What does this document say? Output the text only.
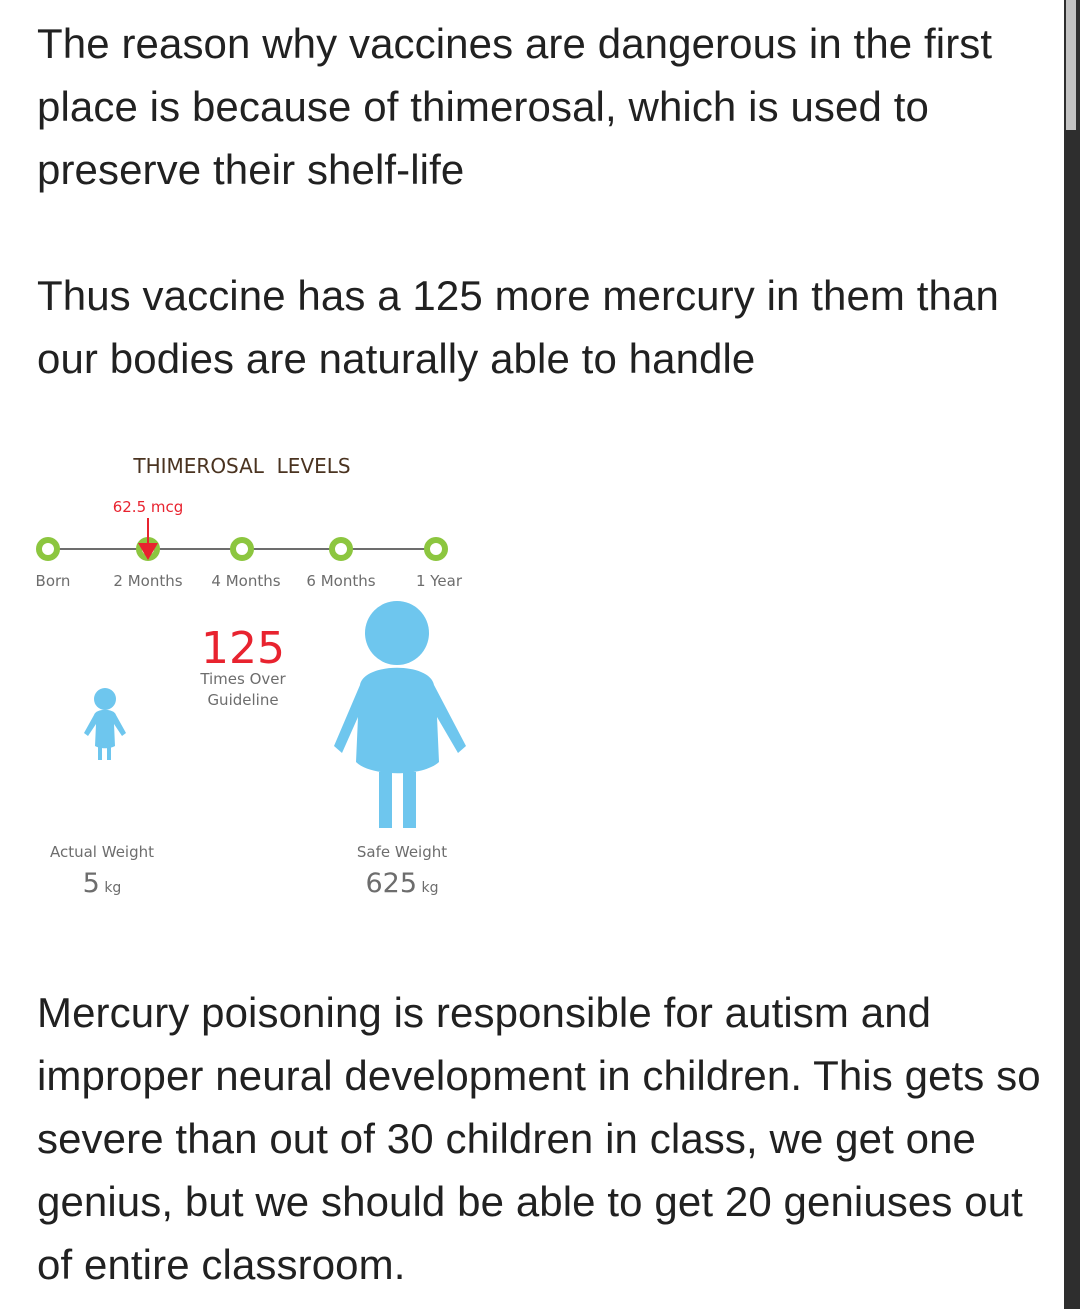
The reason why vaccines are dangerous in the first place is because of thimerosal, which is used to preserve their shelf-life

Thus vaccine has a 125 more mercury in them than our bodies are naturally able to handle

THIMEROSAL  LEVELS
62.5 mcg
Born	2 Months 4 Months 6 Months	1 Year
125
Times Over
Guideline
Actual Weight
5 kg
Safe Weight
625 kg

Mercury poisoning is responsible for autism and improper neural development in children. This gets so severe than out of 30 children in class, we get one genius, but we should be able to get 20 geniuses out of entire classroom.
